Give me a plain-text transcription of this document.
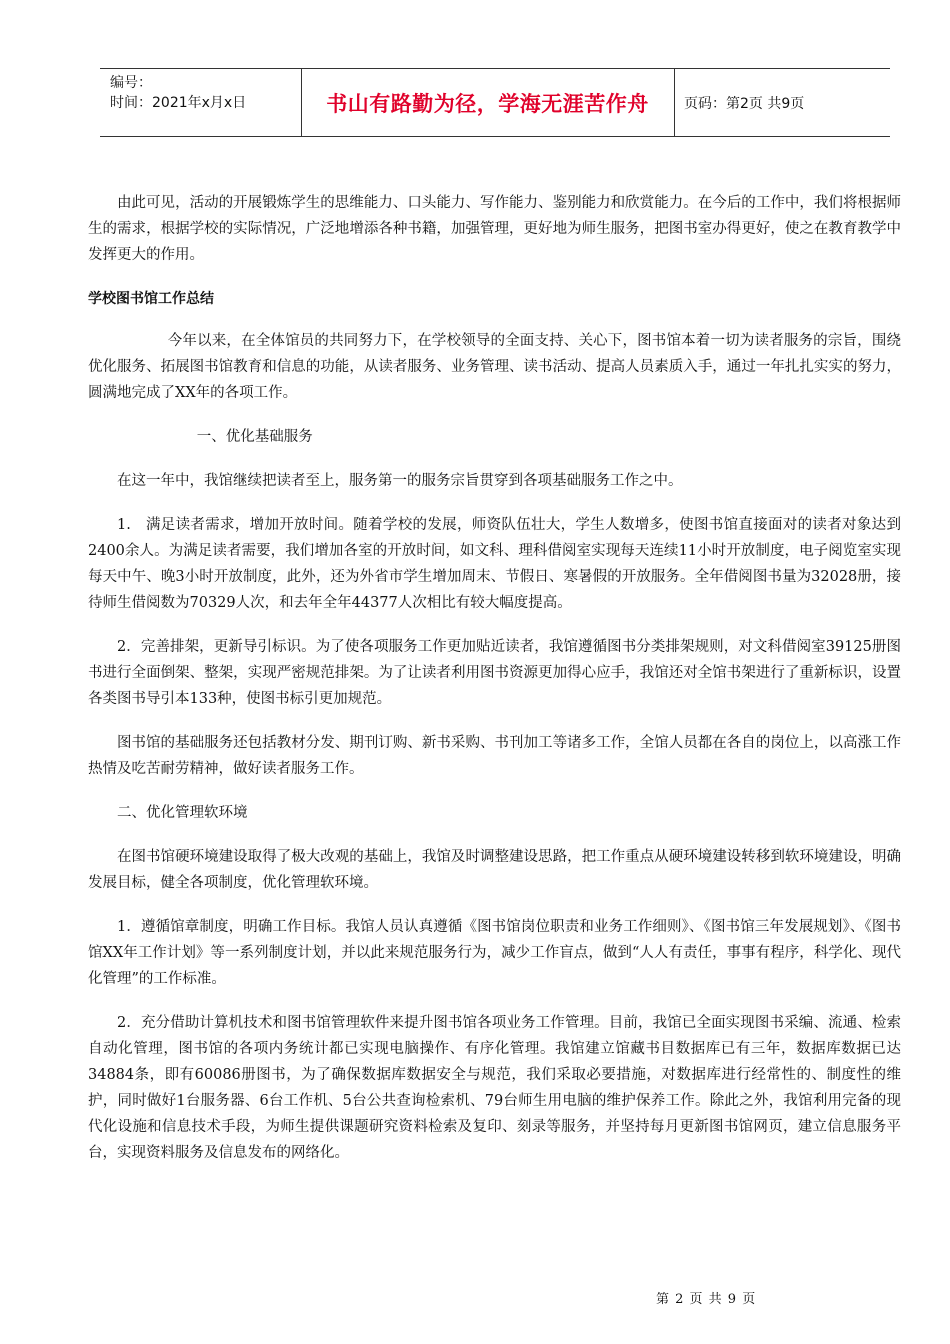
编号：
时间：2021年x月x日	书山有路勤为径，学海无涯苦作舟	页码：第2页 共9页

由此可见，活动的开展锻炼学生的思维能力、口头能力、写作能力、鉴别能力和欣赏能力。在今后的工作中，我们将根据师生的需求，根据学校的实际情况，广泛地增添各种书籍，加强管理，更好地为师生服务，把图书室办得更好，使之在教育教学中发挥更大的作用。

学校图书馆工作总结

今年以来，在全体馆员的共同努力下，在学校领导的全面支持、关心下，图书馆本着一切为读者服务的宗旨，围绕优化服务、拓展图书馆教育和信息的功能，从读者服务、业务管理、读书活动、提高人员素质入手，通过一年扎扎实实的努力，圆满地完成了XX年的各项工作。

一、优化基础服务

在这一年中，我馆继续把读者至上，服务第一的服务宗旨贯穿到各项基础服务工作之中。

1.　满足读者需求，增加开放时间。随着学校的发展，师资队伍壮大，学生人数增多，使图书馆直接面对的读者对象达到2400余人。为满足读者需要，我们增加各室的开放时间，如文科、理科借阅室实现每天连续11小时开放制度，电子阅览室实现每天中午、晚3小时开放制度，此外，还为外省市学生增加周末、节假日、寒暑假的开放服务。全年借阅图书量为32028册，接待师生借阅数为70329人次，和去年全年44377人次相比有较大幅度提高。

2．完善排架，更新导引标识。为了使各项服务工作更加贴近读者，我馆遵循图书分类排架规则，对文科借阅室39125册图书进行全面倒架、整架，实现严密规范排架。为了让读者利用图书资源更加得心应手，我馆还对全馆书架进行了重新标识，设置各类图书导引本133种，使图书标引更加规范。

图书馆的基础服务还包括教材分发、期刊订购、新书采购、书刊加工等诸多工作，全馆人员都在各自的岗位上，以高涨工作热情及吃苦耐劳精神，做好读者服务工作。

二、优化管理软环境

在图书馆硬环境建设取得了极大改观的基础上，我馆及时调整建设思路，把工作重点从硬环境建设转移到软环境建设，明确发展目标，健全各项制度，优化管理软环境。

1．遵循馆章制度，明确工作目标。我馆人员认真遵循《图书馆岗位职责和业务工作细则》、《图书馆三年发展规划》、《图书馆XX年工作计划》等一系列制度计划，并以此来规范服务行为，减少工作盲点，做到“人人有责任，事事有程序，科学化、现代化管理”的工作标准。

2．充分借助计算机技术和图书馆管理软件来提升图书馆各项业务工作管理。目前，我馆已全面实现图书采编、流通、检索自动化管理，图书馆的各项内务统计都已实现电脑操作、有序化管理。我馆建立馆藏书目数据库已有三年，数据库数据已达34884条，即有60086册图书，为了确保数据库数据安全与规范，我们采取必要措施，对数据库进行经常性的、制度性的维护，同时做好1台服务器、6台工作机、5台公共查询检索机、79台师生用电脑的维护保养工作。除此之外，我馆利用完备的现代化设施和信息技术手段，为师生提供课题研究资料检索及复印、刻录等服务，并坚持每月更新图书馆网页，建立信息服务平台，实现资料服务及信息发布的网络化。

第 2 页 共 9 页
